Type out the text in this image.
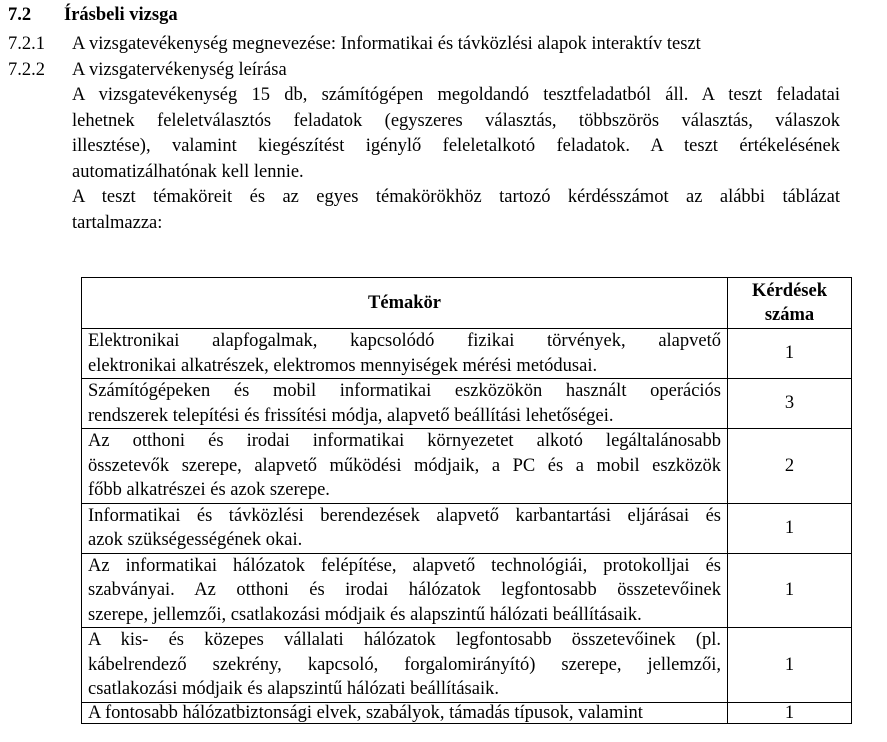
7.2 Írásbeli vizsga
7.2.1 A vizsgatevékenység megnevezése: Informatikai és távközlési alapok interaktív teszt
7.2.2 A vizsgatervékenység leírása
A vizsgatevékenység 15 db, számítógépen megoldandó tesztfeladatból áll. A teszt feladatai
lehetnek feleletválasztós feladatok (egyszeres választás, többszörös választás, válaszok
illesztése), valamint kiegészítést igénylő feleletalkotó feladatok. A teszt értékelésének
automatizálhatónak kell lennie.
A teszt témaköreit és az egyes témakörökhöz tartozó kérdésszámot az alábbi táblázat
tartalmazza:
Témakör	Kérdések
száma

Elektronikai alapfogalmak, kapcsolódó fizikai törvények, alapvető
elektronikai alkatrészek, elektromos mennyiségek mérési metódusai.	1

Számítógépeken és mobil informatikai eszközökön használt operációs
rendszerek telepítési és frissítési módja, alapvető beállítási lehetőségei.	3

Az otthoni és irodai informatikai környezetet alkotó legáltalánosabb
összetevők szerepe, alapvető működési módjaik, a PC és a mobil eszközök
főbb alkatrészei és azok szerepe.	2

Informatikai és távközlési berendezések alapvető karbantartási eljárásai és
azok szükségességének okai.	1

Az informatikai hálózatok felépítése, alapvető technológiái, protokolljai és
szabványai. Az otthoni és irodai hálózatok legfontosabb összetevőinek
szerepe, jellemzői, csatlakozási módjaik és alapszintű hálózati beállításaik.	1

A kis- és közepes vállalati hálózatok legfontosabb összetevőinek (pl.
kábelrendező szekrény, kapcsoló, forgalomirányító) szerepe, jellemzői,
csatlakozási módjaik és alapszintű hálózati beállításaik.	1

A fontosabb hálózatbiztonsági elvek, szabályok, támadás típusok, valamint	1
